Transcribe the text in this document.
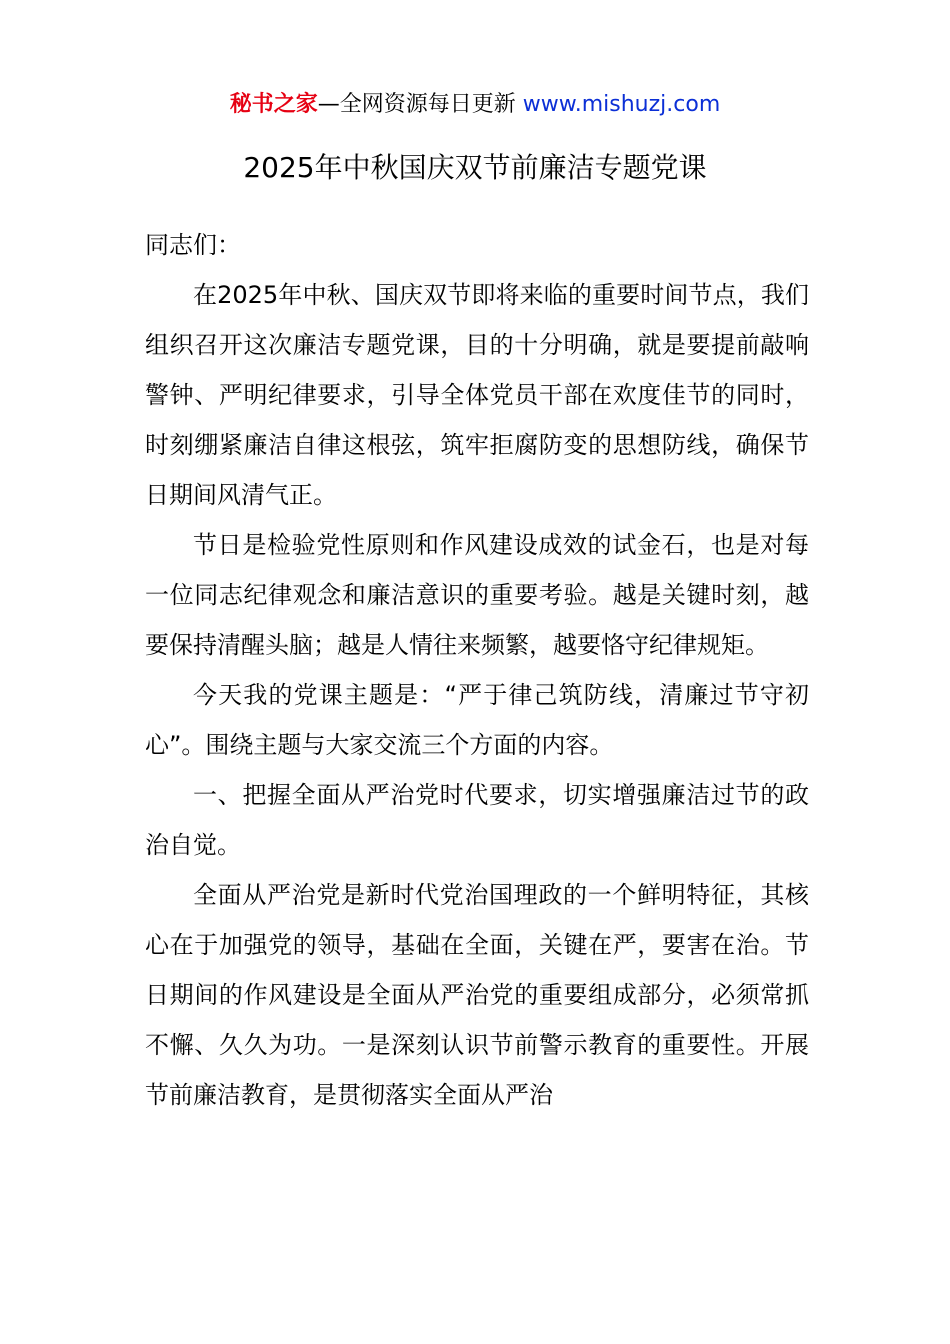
秘书之家—全网资源每日更新 www.mishuzj.com
2025年中秋国庆双节前廉洁专题党课

同志们：

在2025年中秋、国庆双节即将来临的重要时间节点，我们组织召开这次廉洁专题党课，目的十分明确，就是要提前敲响警钟、严明纪律要求，引导全体党员干部在欢度佳节的同时，时刻绷紧廉洁自律这根弦，筑牢拒腐防变的思想防线，确保节日期间风清气正。

节日是检验党性原则和作风建设成效的试金石，也是对每一位同志纪律观念和廉洁意识的重要考验。越是关键时刻，越要保持清醒头脑；越是人情往来频繁，越要恪守纪律规矩。

今天我的党课主题是：“严于律己筑防线，清廉过节守初心”。围绕主题与大家交流三个方面的内容。

一、把握全面从严治党时代要求，切实增强廉洁过节的政治自觉。

全面从严治党是新时代党治国理政的一个鲜明特征，其核心在于加强党的领导，基础在全面，关键在严，要害在治。节日期间的作风建设是全面从严治党的重要组成部分，必须常抓不懈、久久为功。一是深刻认识节前警示教育的重要性。开展节前廉洁教育，是贯彻落实全面从严治
